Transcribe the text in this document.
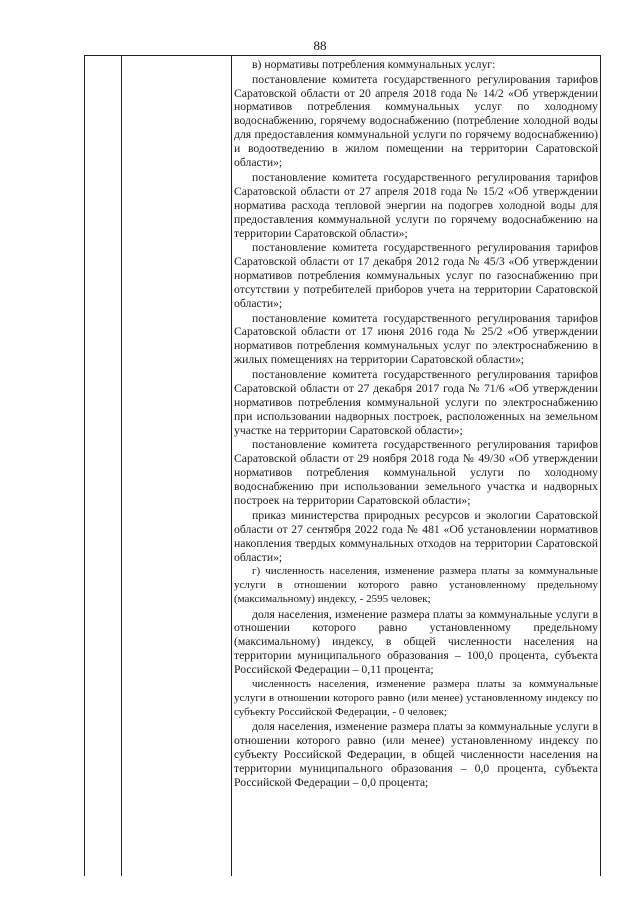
88

в) нормативы потребления коммунальных услуг:

постановление комитета государственного регулирования тарифов Саратовской области от 20 апреля 2018 года № 14/2 «Об утверждении нормативов потребления коммунальных услуг по холодному водоснабжению, горячему водоснабжению (потребление холодной воды для предоставления коммунальной услуги по горячему водоснабжению) и водоотведению в жилом помещении на территории Саратовской области»;

постановление комитета государственного регулирования тарифов Саратовской области от 27 апреля 2018 года № 15/2 «Об утверждении норматива расхода тепловой энергии на подогрев холодной воды для предоставления коммунальной услуги по горячему водоснабжению на территории Саратовской области»;

постановление комитета государственного регулирования тарифов Саратовской области от 17 декабря 2012 года № 45/3 «Об утверждении нормативов потребления коммунальных услуг по газоснабжению при отсутствии у потребителей приборов учета на территории Саратовской области»;

постановление комитета государственного регулирования тарифов Саратовской области от 17 июня 2016 года № 25/2 «Об утверждении нормативов потребления коммунальных услуг по электроснабжению в жилых помещениях на территории Саратовской области»;

постановление комитета государственного регулирования тарифов Саратовской области от 27 декабря 2017 года № 71/6 «Об утверждении нормативов потребления коммунальной услуги по электроснабжению при использовании надворных построек, расположенных на земельном участке на территории Саратовской области»;

постановление комитета государственного регулирования тарифов Саратовской области от 29 ноября 2018 года № 49/30 «Об утверждении нормативов потребления коммунальной услуги по холодному водоснабжению при использовании земельного участка и надворных построек на территории Саратовской области»;

приказ министерства природных ресурсов и экологии Саратовской области от 27 сентября 2022 года № 481 «Об установлении нормативов накопления твердых коммунальных отходов на территории Саратовской области»;

г) численность населения, изменение размера платы за коммунальные услуги в отношении которого равно установленному предельному (максимальному) индексу, - 2595 человек;

доля населения, изменение размера платы за коммунальные услуги в отношении которого равно установленному предельному (максимальному) индексу, в общей численности населения на территории муниципального образования – 100,0 процента, субъекта Российской Федерации – 0,11 процента;

численность населения, изменение размера платы за коммунальные услуги в отношении которого равно (или менее) установленному индексу по субъекту Российской Федерации, - 0 человек;

доля населения, изменение размера платы за коммунальные услуги в отношении которого равно (или менее) установленному индексу по субъекту Российской Федерации, в общей численности населения на территории муниципального образования – 0,0 процента, субъекта Российской Федерации – 0,0 процента;
